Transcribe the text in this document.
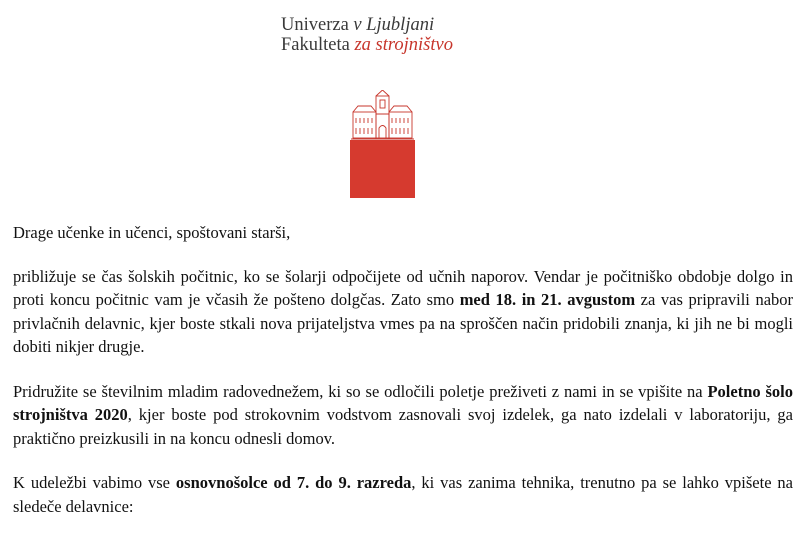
Univerza v Ljubljani
Fakulteta za strojništvo

Drage učenke in učenci, spoštovani starši,

približuje se čas šolskih počitnic, ko se šolarji odpočijete od učnih naporov. Vendar je počitniško obdobje dolgo in proti koncu počitnic vam je včasih že pošteno dolgčas. Zato smo med 18. in 21. avgustom za vas pripravili nabor privlačnih delavnic, kjer boste stkali nova prijateljstva vmes pa na sproščen način pridobili znanja, ki jih ne bi mogli dobiti nikjer drugje.

Pridružite se številnim mladim radovednežem, ki so se odločili poletje preživeti z nami in se vpišite na Poletno šolo strojništva 2020, kjer boste pod strokovnim vodstvom zasnovali svoj izdelek, ga nato izdelali v laboratoriju, ga praktično preizkusili in na koncu odnesli domov.

K udeležbi vabimo vse osnovnošolce od 7. do 9. razreda, ki vas zanima tehnika, trenutno pa se lahko vpišete na sledeče delavnice:
